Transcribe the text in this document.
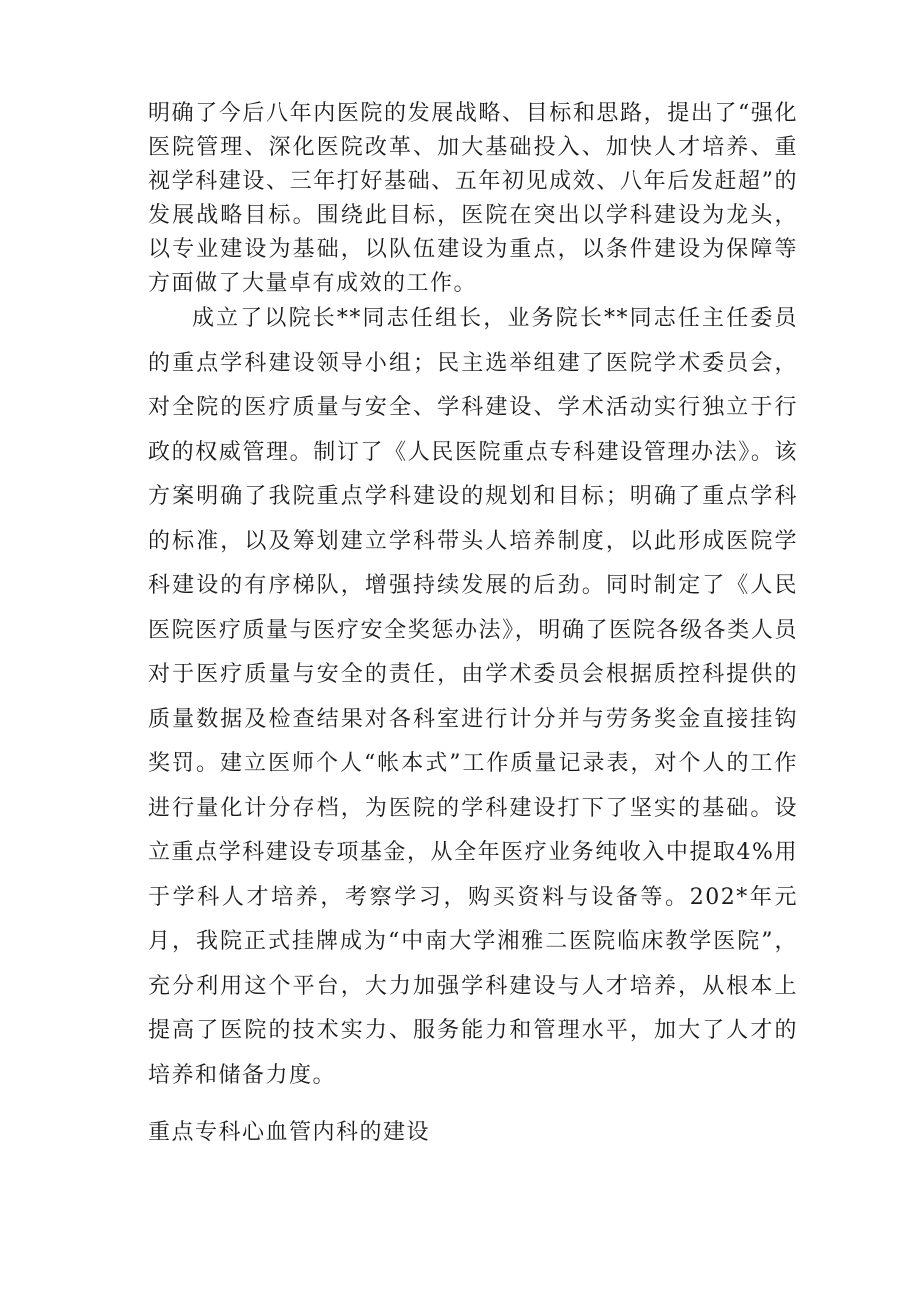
明确了今后八年内医院的发展战略、目标和思路，提出了“强化医院管理、深化医院改革、加大基础投入、加快人才培养、重视学科建设、三年打好基础、五年初见成效、八年后发赶超”的发展战略目标。围绕此目标，医院在突出以学科建设为龙头，以专业建设为基础，以队伍建设为重点，以条件建设为保障等方面做了大量卓有成效的工作。

成立了以院长**同志任组长，业务院长**同志任主任委员的重点学科建设领导小组；民主选举组建了医院学术委员会，对全院的医疗质量与安全、学科建设、学术活动实行独立于行政的权威管理。制订了《人民医院重点专科建设管理办法》。该方案明确了我院重点学科建设的规划和目标；明确了重点学科的标准，以及筹划建立学科带头人培养制度，以此形成医院学科建设的有序梯队，增强持续发展的后劲。同时制定了《人民医院医疗质量与医疗安全奖惩办法》，明确了医院各级各类人员对于医疗质量与安全的责任，由学术委员会根据质控科提供的质量数据及检查结果对各科室进行计分并与劳务奖金直接挂钩奖罚。建立医师个人“帐本式”工作质量记录表，对个人的工作进行量化计分存档，为医院的学科建设打下了坚实的基础。设立重点学科建设专项基金，从全年医疗业务纯收入中提取4%用于学科人才培养，考察学习，购买资料与设备等。202*年元月，我院正式挂牌成为“中南大学湘雅二医院临床教学医院”，充分利用这个平台，大力加强学科建设与人才培养，从根本上提高了医院的技术实力、服务能力和管理水平，加大了人才的培养和储备力度。

重点专科心血管内科的建设
